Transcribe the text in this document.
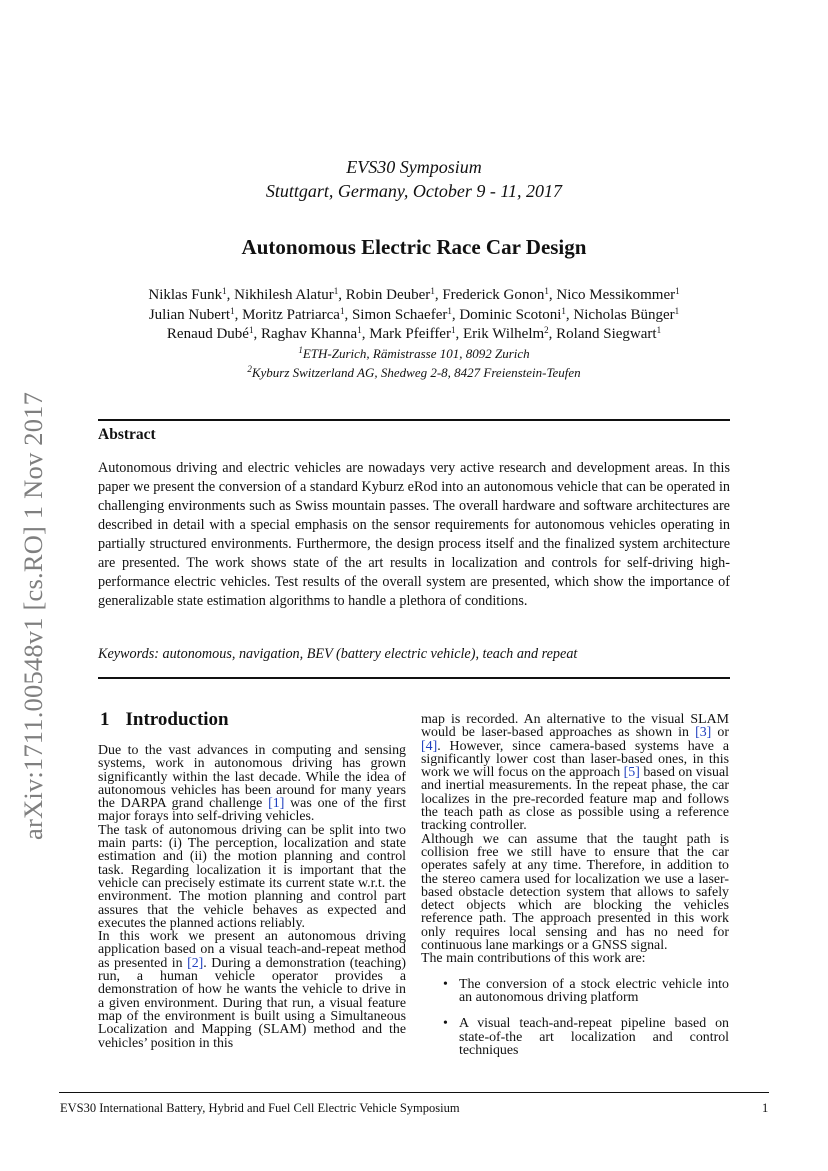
arXiv:1711.00548v1 [cs.RO] 1 Nov 2017
EVS30 Symposium
Stuttgart, Germany, October 9 - 11, 2017
Autonomous Electric Race Car Design
Niklas Funk$^1$, Nikhilesh Alatur$^1$, Robin Deuber$^1$, Frederick Gonon$^1$, Nico Messikommer$^1$
Julian Nubert$^1$, Moritz Patriarca$^1$, Simon Schaefer$^1$, Dominic Scotoni$^1$, Nicholas Bünger$^1$
Renaud Dubé$^1$, Raghav Khanna$^1$, Mark Pfeiffer$^1$, Erik Wilhelm$^2$, Roland Siegwart$^1$
$^1$ETH-Zurich, Rämistrasse 101, 8092 Zurich
$^2$Kyburz Switzerland AG, Shedweg 2-8, 8427 Freienstein-Teufen
Abstract
Autonomous driving and electric vehicles are nowadays very active research and development areas. In this paper we present the conversion of a standard Kyburz eRod into an autonomous vehicle that can be operated in challenging environments such as Swiss mountain passes. The overall hardware and software architectures are described in detail with a special emphasis on the sensor requirements for autonomous vehicles operating in partially structured environments. Furthermore, the design process itself and the finalized system architecture are presented. The work shows state of the art results in localization and controls for self-driving high-performance electric vehicles. Test results of the overall system are presented, which show the importance of generalizable state estimation algorithms to handle a plethora of conditions.
Keywords: autonomous, navigation, BEV (battery electric vehicle), teach and repeat
1 Introduction

Due to the vast advances in computing and sensing systems, work in autonomous driving has grown significantly within the last decade. While the idea of autonomous vehicles has been around for many years the DARPA grand challenge [1] was one of the first major forays into self-driving vehicles.

The task of autonomous driving can be split into two main parts: (i) The perception, localization and state estimation and (ii) the motion planning and control task. Regarding localization it is important that the vehicle can precisely estimate its current state w.r.t. the environment. The motion planning and control part assures that the vehicle behaves as expected and executes the planned actions reliably.

In this work we present an autonomous driving application based on a visual teach-and-repeat method as presented in [2]. During a demonstration (teaching) run, a human vehicle operator provides a demonstration of how he wants the vehicle to drive in a given environment. During that run, a visual feature map of the environment is built using a Simultaneous Localization and Mapping (SLAM) method and the vehicles’ position in this

map is recorded. An alternative to the visual SLAM would be laser-based approaches as shown in [3] or [4]. However, since camera-based systems have a significantly lower cost than laser-based ones, in this work we will focus on the approach [5] based on visual and inertial measurements. In the repeat phase, the car localizes in the pre-recorded feature map and follows the teach path as close as possible using a reference tracking controller.

Although we can assume that the taught path is collision free we still have to ensure that the car operates safely at any time. Therefore, in addition to the stereo camera used for localization we use a laser-based obstacle detection system that allows to safely detect objects which are blocking the vehicles reference path. The approach presented in this work only requires local sensing and has no need for continuous lane markings or a GNSS signal.

The main contributions of this work are:

• The conversion of a stock electric vehicle into an autonomous driving platform
• A visual teach-and-repeat pipeline based on state-of-the art localization and control techniques
EVS30 International Battery, Hybrid and Fuel Cell Electric Vehicle Symposium	1
